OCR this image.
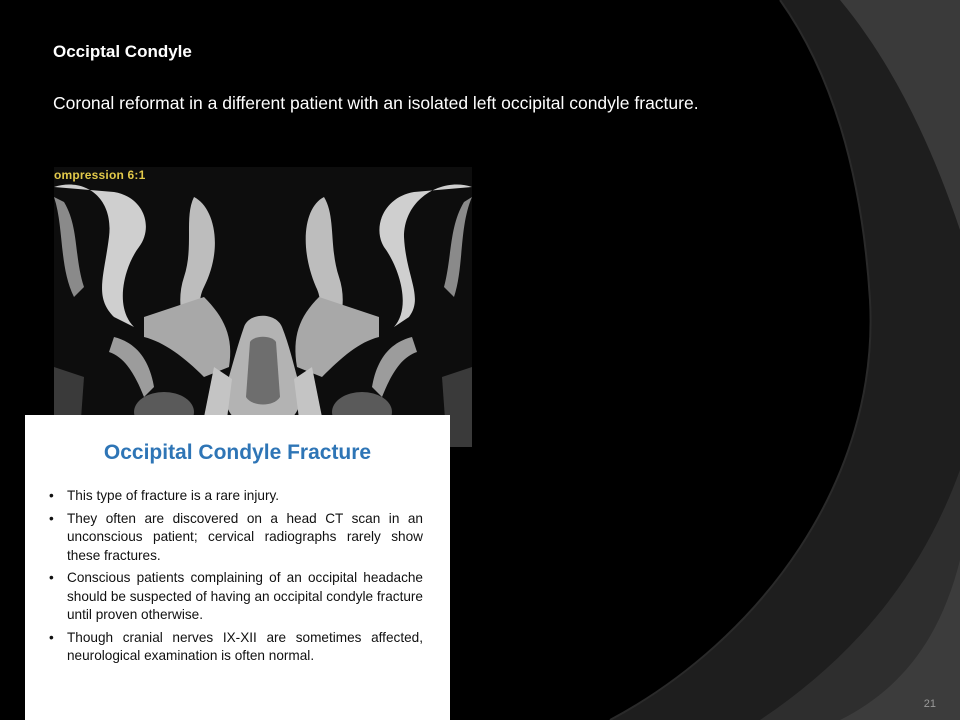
Occiptal Condyle
Coronal reformat in a different patient with an isolated left occipital condyle fracture.
ompression 6:1
Occipital Condyle Fracture
• This type of fracture is a rare injury.
• They often are discovered on a head CT scan in an unconscious patient; cervical radiographs rarely show these fractures.
• Conscious patients complaining of an occipital headache should be suspected of having an occipital condyle fracture until proven otherwise.
• Though cranial nerves IX-XII are sometimes affected, neurological examination is often normal.
21
